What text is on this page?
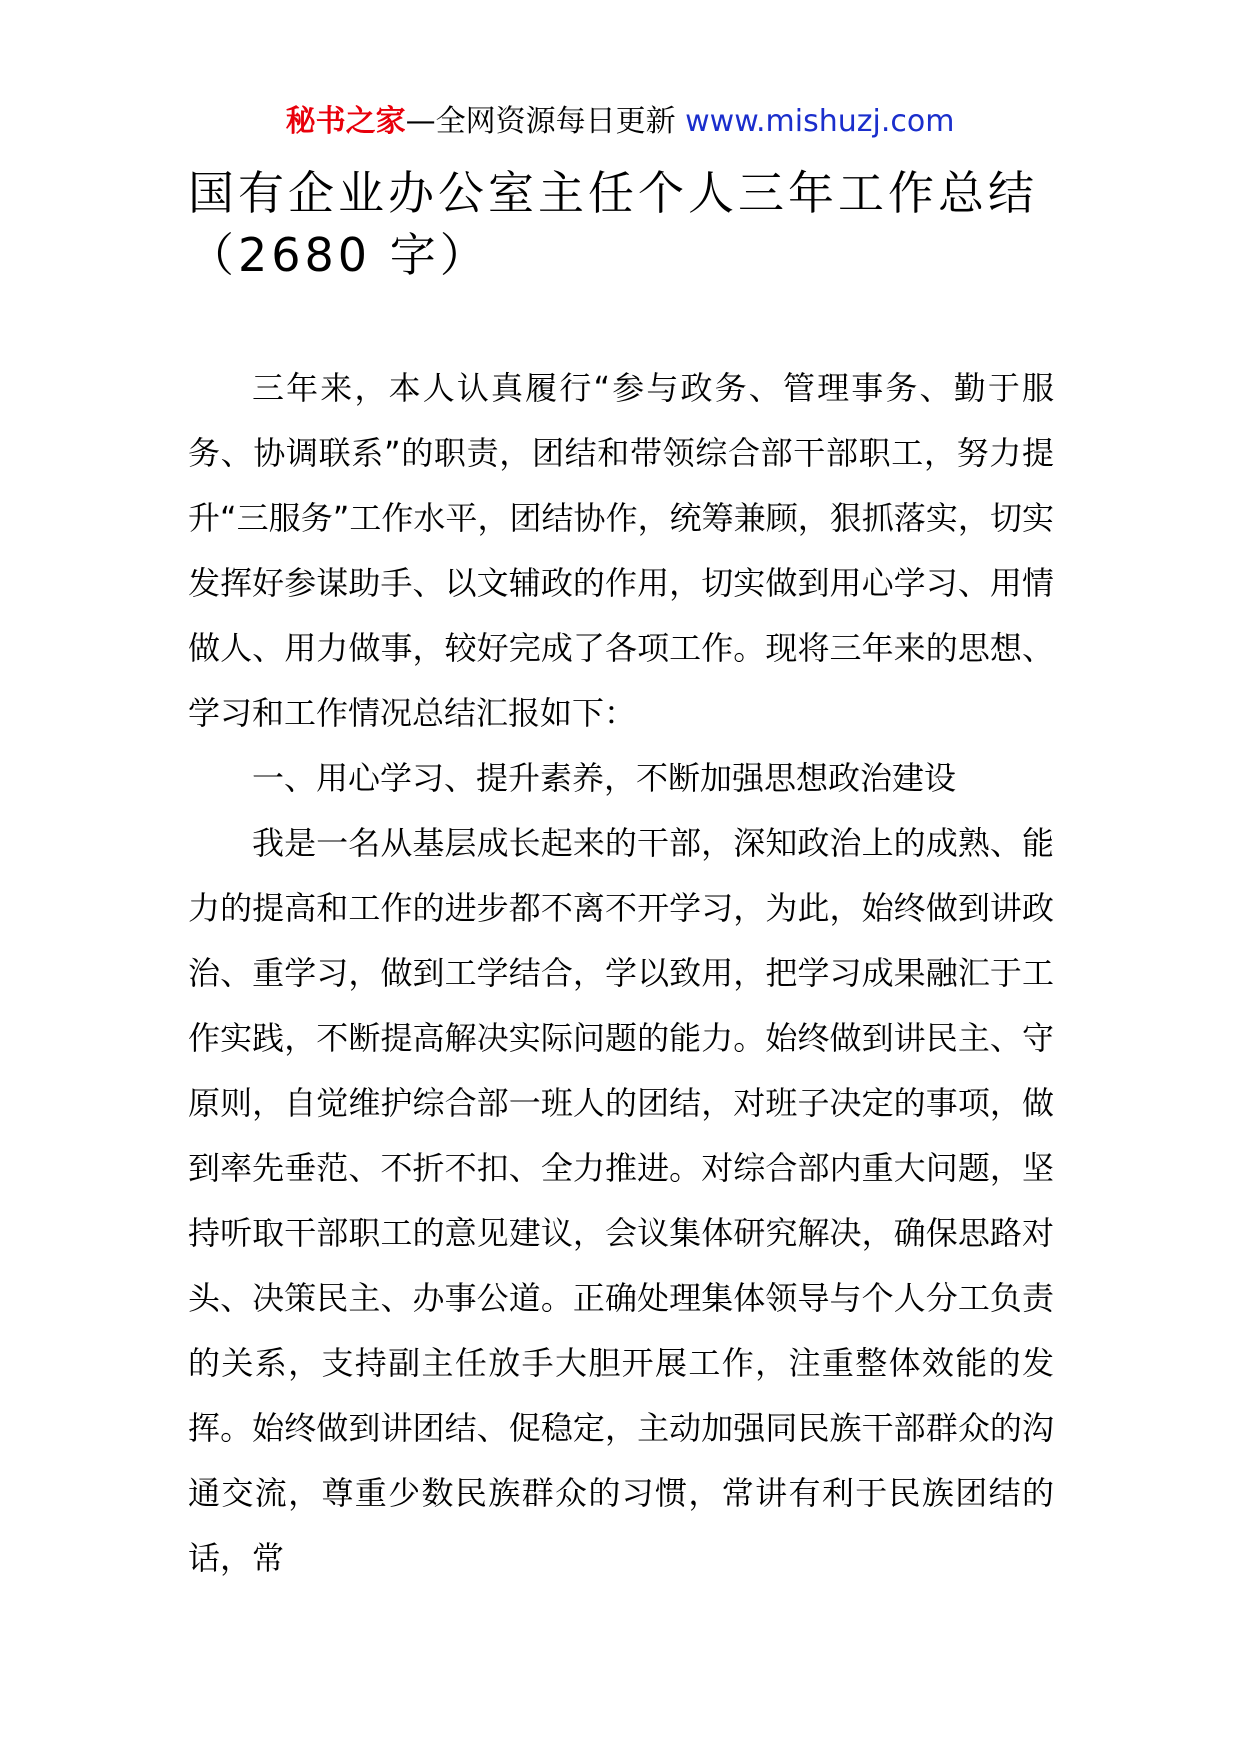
秘书之家—全网资源每日更新 www.mishuzj.com
国有企业办公室主任个人三年工作总结（2680 字）

三年来，本人认真履行“参与政务、管理事务、勤于服务、协调联系”的职责，团结和带领综合部干部职工，努力提升“三服务”工作水平，团结协作，统筹兼顾，狠抓落实，切实发挥好参谋助手、以文辅政的作用，切实做到用心学习、用情做人、用力做事，较好完成了各项工作。现将三年来的思想、学习和工作情况总结汇报如下：

一、用心学习、提升素养，不断加强思想政治建设

我是一名从基层成长起来的干部，深知政治上的成熟、能力的提高和工作的进步都不离不开学习，为此，始终做到讲政治、重学习，做到工学结合，学以致用，把学习成果融汇于工作实践，不断提高解决实际问题的能力。始终做到讲民主、守原则，自觉维护综合部一班人的团结，对班子决定的事项，做到率先垂范、不折不扣、全力推进。对综合部内重大问题，坚持听取干部职工的意见建议，会议集体研究解决，确保思路对头、决策民主、办事公道。正确处理集体领导与个人分工负责的关系，支持副主任放手大胆开展工作，注重整体效能的发挥。始终做到讲团结、促稳定，主动加强同民族干部群众的沟通交流，尊重少数民族群众的习惯，常讲有利于民族团结的话，常
